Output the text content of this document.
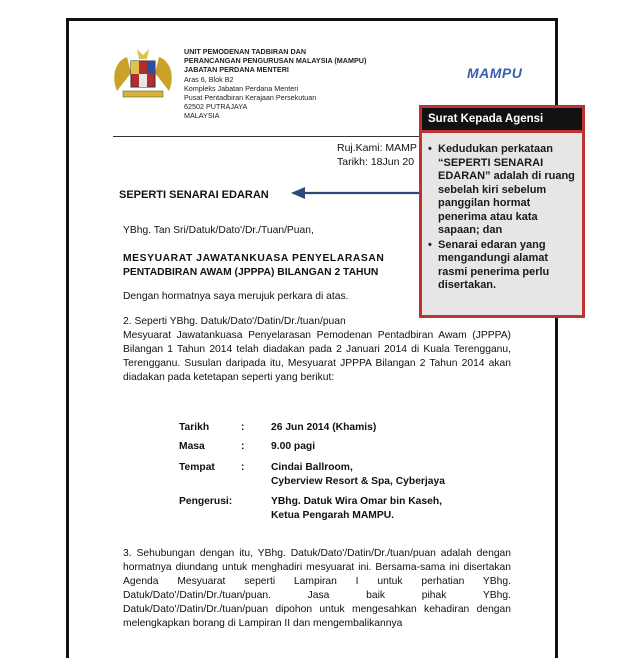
UNIT PEMODENAN TADBIRAN DAN
PERANCANGAN PENGURUSAN MALAYSIA (MAMPU)
JABATAN PERDANA MENTERI
Aras 6, Blok B2
Kompleks Jabatan Perdana Menteri
Pusat Pentadbiran Kerajaan Persekutuan
62502 PUTRAJAYA
MALAYSIA
MAMPU
Ruj.Kami: MAMP
Tarikh: 18Jun 20
SEPERTI SENARAI EDARAN
YBhg. Tan Sri/Datuk/Dato'/Dr./Tuan/Puan,
MESYUARAT JAWATANKUASA PENYELARASAN
PENTADBIRAN AWAM (JPPPA) BILANGAN 2 TAHUN
Dengan hormatnya saya merujuk perkara di atas.
2. Seperti YBhg. Datuk/Dato'/Datin/Dr./tuan/puan
Mesyuarat Jawatankuasa Penyelarasan Pemodenan Pentadbiran Awam (JPPPA) Bilangan 1 Tahun 2014 telah diadakan pada 2 Januari 2014 di Kuala Terengganu, Terengganu. Susulan daripada itu, Mesyuarat JPPPA Bilangan 2 Tahun 2014 akan diadakan pada ketetapan seperti yang berikut:
Tarikh	:	26 Jun 2014 (Khamis)
Masa	:	9.00 pagi
Tempat	:	Cindai Ballroom,
Cyberview Resort & Spa, Cyberjaya
Pengerusi:	YBhg. Datuk Wira Omar bin Kaseh,
Ketua Pengarah MAMPU.
3. Sehubungan dengan itu, YBhg. Datuk/Dato'/Datin/Dr./tuan/puan adalah dengan hormatnya diundang untuk menghadiri mesyuarat ini. Bersama-sama ini disertakan Agenda Mesyuarat seperti Lampiran I untuk perhatian YBhg. Datuk/Dato'/Datin/Dr./tuan/puan. Jasa baik pihak YBhg. Datuk/Dato'/Datin/Dr./tuan/puan dipohon untuk mengesahkan kehadiran dengan melengkapkan borang di Lampiran II dan mengembalikannya
Surat Kepada Agensi
• Kedudukan perkataan “SEPERTI SENARAI EDARAN” adalah di ruang sebelah kiri sebelum panggilan hormat penerima atau kata sapaan; dan
• Senarai edaran yang mengandungi alamat rasmi penerima perlu disertakan.
